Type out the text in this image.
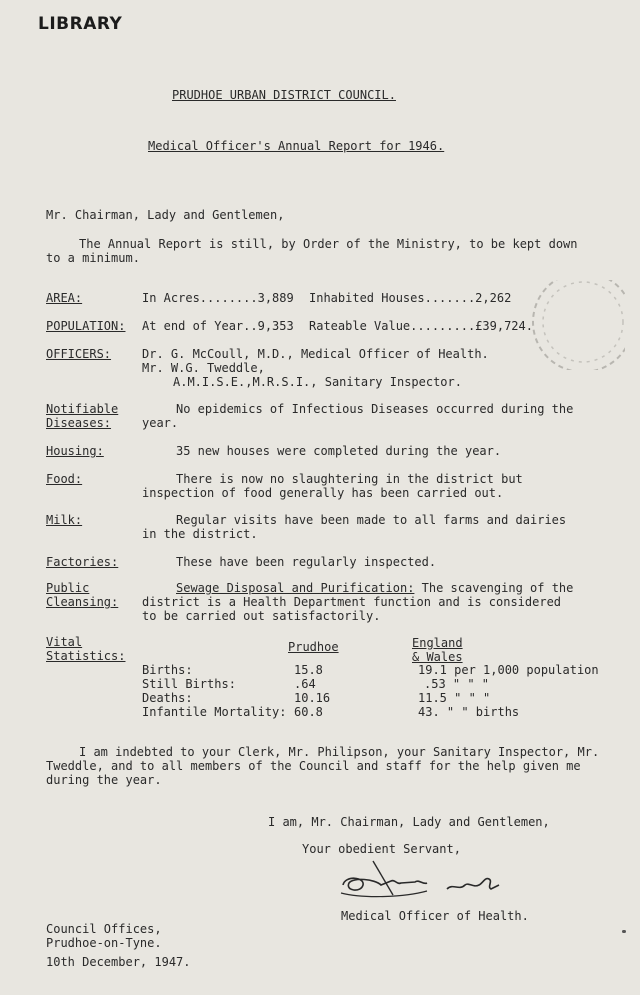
LIBRARY
PRUDHOE URBAN DISTRICT COUNCIL.
Medical Officer's Annual Report for 1946.
Mr. Chairman, Lady and Gentlemen,
The Annual Report is still, by Order of the Ministry, to be kept down
to a minimum.
AREA:	In Acres........3,889 Inhabited Houses.......2,262
POPULATION: At end of Year..9,353 Rateable Value.........£39,724.
OFFICERS:	Dr. G. McCoull, M.D., Medical Officer of Health.
Mr. W.G. Tweddle,
A.M.I.S.E.,M.R.S.I., Sanitary Inspector.
Notifiable
Diseases:
No epidemics of Infectious Diseases occurred during the
year.
Housing:	35 new houses were completed during the year.
Food:	There is now no slaughtering in the district but
inspection of food generally has been carried out.
Milk:	Regular visits have been made to all farms and dairies
in the district.
Factories:	These have been regularly inspected.
Public
Cleansing:
Sewage Disposal and Purification: The scavenging of the
district is a Health Department function and is considered
to be carried out satisfactorily.
Vital
Statistics:
Prudhoe	England
& Wales
Births:	15.8	19.1 per 1,000 population
Still Births:	.64	.53 " " "
Deaths:	10.16	11.5 " " "
Infantile Mortality: 60.8	43. " " births
I am indebted to your Clerk, Mr. Philipson, your Sanitary Inspector, Mr.
Tweddle, and to all members of the Council and staff for the help given me
during the year.
I am, Mr. Chairman, Lady and Gentlemen,
Your obedient Servant,
Medical Officer of Health.
Council Offices,
Prudhoe-on-Tyne.
10th December, 1947.
